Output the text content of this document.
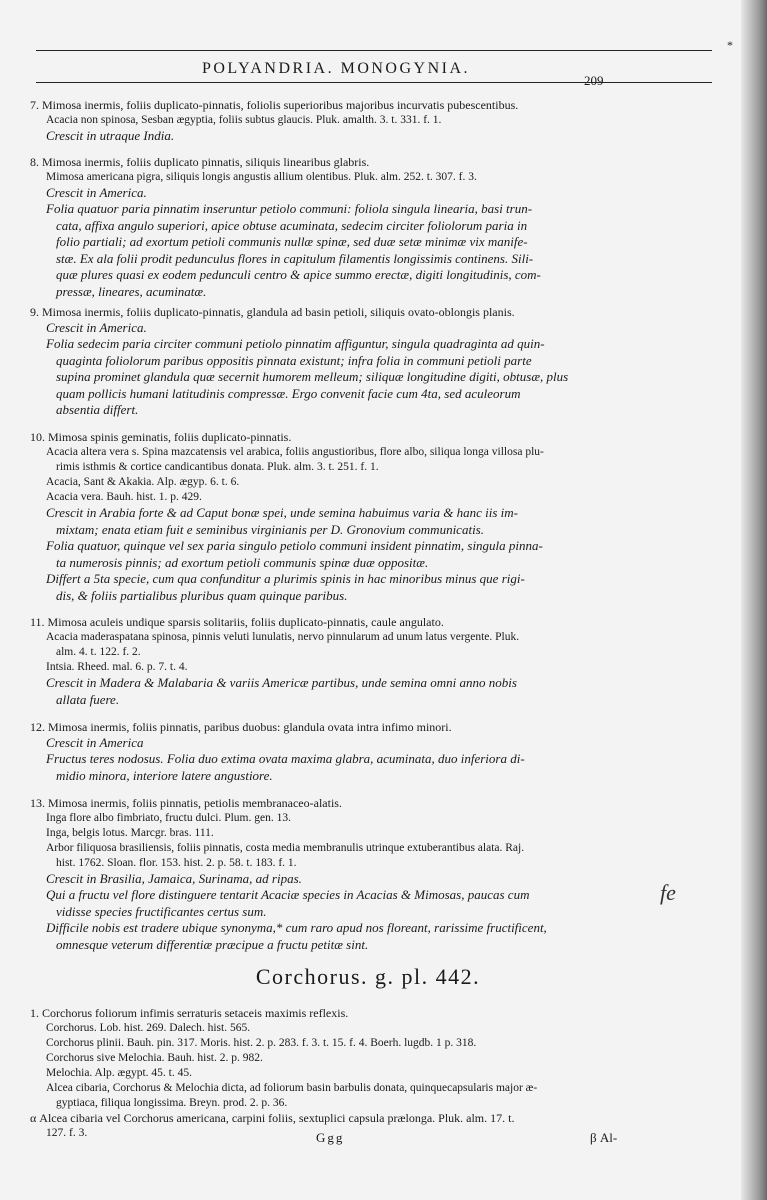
*
POLYANDRIA. MONOGYNIA.
209
7. Mimosa inermis, foliis duplicato-pinnatis, foliolis superioribus majoribus incurvatis pubescentibus.
Acacia non spinosa, Sesban ægyptia, foliis subtus glaucis. Pluk. amalth. 3. t. 331. f. 1.
Crescit in utraque India.
8. Mimosa inermis, foliis duplicato pinnatis, siliquis linearibus glabris.
Mimosa americana pigra, siliquis longis angustis allium olentibus. Pluk. alm. 252. t. 307. f. 3.
Crescit in America.
Folia quatuor paria pinnatim inseruntur petiolo communi: foliola singula linearia, basi trun-
cata, affixa angulo superiori, apice obtuse acuminata, sedecim circiter foliolorum paria in
folio partiali; ad exortum petioli communis nullæ spinæ, sed duæ setæ minimæ vix manife-
stæ. Ex ala folii prodit pedunculus flores in capitulum filamentis longissimis continens. Sili-
quæ plures quasi ex eodem pedunculi centro & apice summo erectæ, digiti longitudinis, com-
pressæ, lineares, acuminatæ.
9. Mimosa inermis, foliis duplicato-pinnatis, glandula ad basin petioli, siliquis ovato-oblongis planis.
Crescit in America.
Folia sedecim paria circiter communi petiolo pinnatim affiguntur, singula quadraginta ad quin-
quaginta foliolorum paribus oppositis pinnata existunt; infra folia in communi petioli parte
supina prominet glandula quæ secernit humorem melleum; siliquæ longitudine digiti, obtusæ, plus
quam pollicis humani latitudinis compressæ. Ergo convenit facie cum 4ta, sed aculeorum
absentia differt.
10. Mimosa spinis geminatis, foliis duplicato-pinnatis.
Acacia altera vera s. Spina mazcatensis vel arabica, foliis angustioribus, flore albo, siliqua longa villosa plu-
rimis isthmis & cortice candicantibus donata. Pluk. alm. 3. t. 251. f. 1.
Acacia, Sant & Akakia. Alp. ægyp. 6. t. 6.
Acacia vera. Bauh. hist. 1. p. 429.
Crescit in Arabia forte & ad Caput bonæ spei, unde semina habuimus varia & hanc iis im-
mixtam; enata etiam fuit e seminibus virginianis per D. Gronovium communicatis.
Folia quatuor, quinque vel sex paria singulo petiolo communi insident pinnatim, singula pinna-
ta numerosis pinnis; ad exortum petioli communis spinæ duæ oppositæ.
Differt a 5ta specie, cum qua confunditur a plurimis spinis in hac minoribus minus que rigi-
dis, & foliis partialibus pluribus quam quinque paribus.
11. Mimosa aculeis undique sparsis solitariis, foliis duplicato-pinnatis, caule angulato.
Acacia maderaspatana spinosa, pinnis veluti lunulatis, nervo pinnularum ad unum latus vergente. Pluk.
alm. 4. t. 122. f. 2.
Intsia. Rheed. mal. 6. p. 7. t. 4.
Crescit in Madera & Malabaria & variis Americæ partibus, unde semina omni anno nobis
allata fuere.
12. Mimosa inermis, foliis pinnatis, paribus duobus: glandula ovata intra infimo minori.
Crescit in America
Fructus teres nodosus. Folia duo extima ovata maxima glabra, acuminata, duo inferiora di-
midio minora, interiore latere angustiore.
13. Mimosa inermis, foliis pinnatis, petiolis membranaceo-alatis.
Inga flore albo fimbriato, fructu dulci. Plum. gen. 13.
Inga, belgis lotus. Marcgr. bras. 111.
Arbor filiquosa brasiliensis, foliis pinnatis, costa media membranulis utrinque extuberantibus alata. Raj.
hist. 1762. Sloan. flor. 153. hist. 2. p. 58. t. 183. f. 1.
Crescit in Brasilia, Jamaica, Surinama, ad ripas.
Qui a fructu vel flore distinguere tentarit Acaciæ species in Acacias & Mimosas, paucas cum
vidisse species fructificantes certus sum.
Difficile nobis est tradere ubique synonyma,* cum raro apud nos floreant, rarissime fructificent,
omnesque veterum differentiæ præcipue a fructu petitæ sint.
Corchorus. g. pl. 442.
1. Corchorus foliorum infimis serraturis setaceis maximis reflexis.
Corchorus. Lob. hist. 269. Dalech. hist. 565.
Corchorus plinii. Bauh. pin. 317. Moris. hist. 2. p. 283. f. 3. t. 15. f. 4. Boerh. lugdb. 1 p. 318.
Corchorus sive Melochia. Bauh. hist. 2. p. 982.
Melochia. Alp. ægypt. 45. t. 45.
Alcea cibaria, Corchorus & Melochia dicta, ad foliorum basin barbulis donata, quinquecapsularis major æ-
gyptiaca, filiqua longissima. Breyn. prod. 2. p. 36.
α Alcea cibaria vel Corchorus americana, carpini foliis, sextuplici capsula prælonga. Pluk. alm. 17. t.
127. f. 3.
fe
Ggg	β Al-
